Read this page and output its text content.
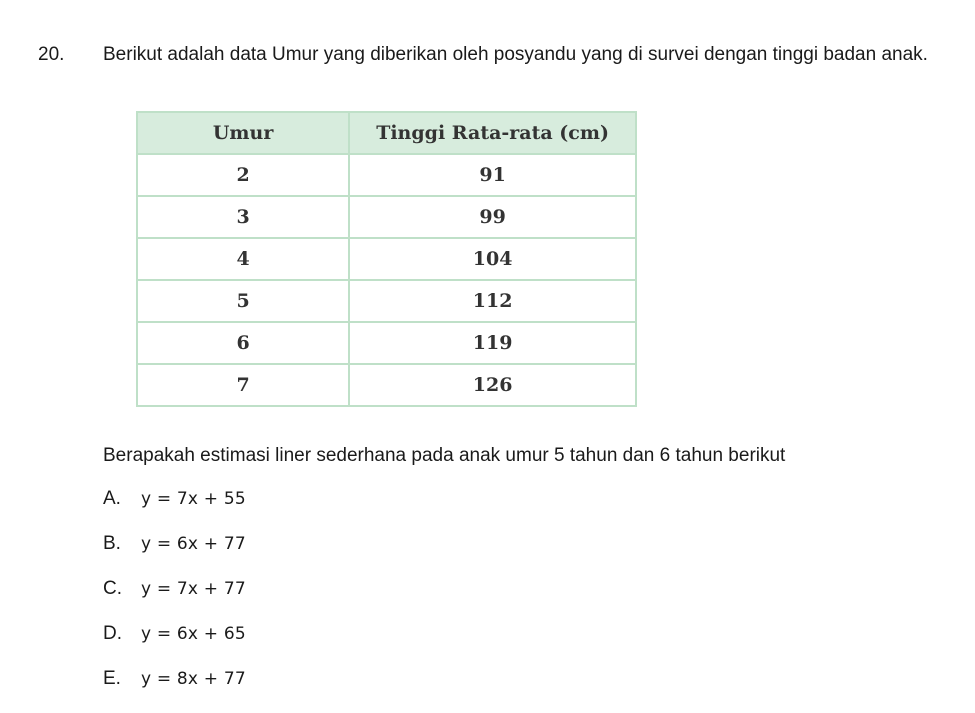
20. Berikut adalah data Umur yang diberikan oleh posyandu yang di survei dengan tinggi badan anak.
Umur	Tinggi Rata-rata (cm)
2	91
3	99
4	104
5	112
6	119
7	126
Berapakah estimasi liner sederhana pada anak umur 5 tahun dan 6 tahun berikut
A.	y = 7x + 55
B.	y = 6x + 77
C.	y = 7x + 77
D.	y = 6x + 65
E.	y = 8x + 77
